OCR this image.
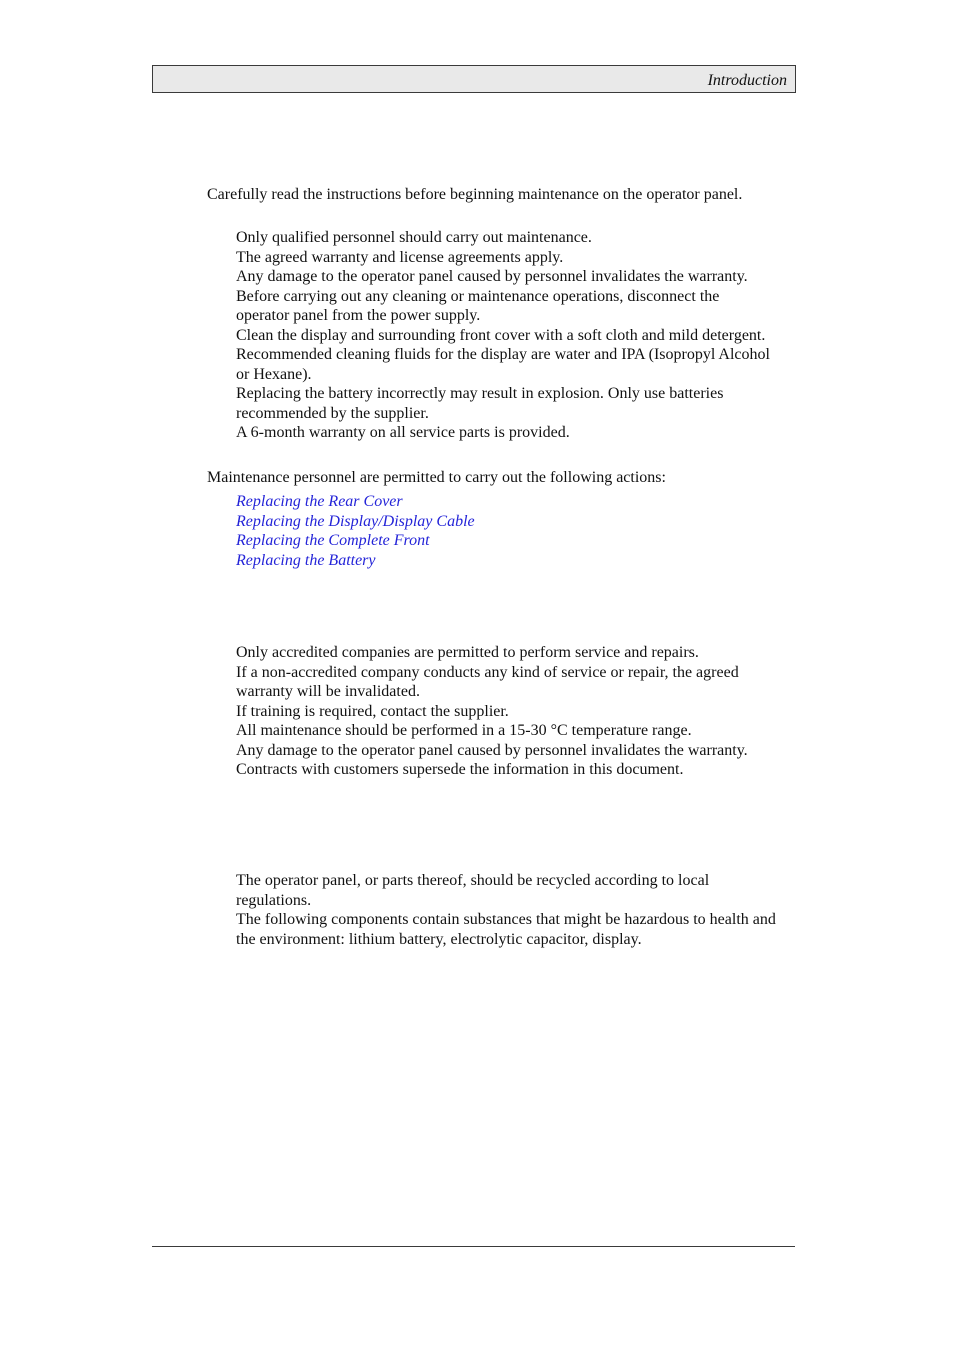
Introduction

Carefully read the instructions before beginning maintenance on the operator panel.

Only qualified personnel should carry out maintenance.
The agreed warranty and license agreements apply.
Any damage to the operator panel caused by personnel invalidates the warranty.
Before carrying out any cleaning or maintenance operations, disconnect the operator panel from the power supply.
Clean the display and surrounding front cover with a soft cloth and mild detergent. Recommended cleaning fluids for the display are water and IPA (Isopropyl Alcohol or Hexane).
Replacing the battery incorrectly may result in explosion. Only use batteries recommended by the supplier.
A 6-month warranty on all service parts is provided.

Maintenance personnel are permitted to carry out the following actions:

Replacing the Rear Cover
Replacing the Display/Display Cable
Replacing the Complete Front
Replacing the Battery
Only accredited companies are permitted to perform service and repairs.
If a non-accredited company conducts any kind of service or repair, the agreed warranty will be invalidated.
If training is required, contact the supplier.
All maintenance should be performed in a 15-30 °C temperature range.
Any damage to the operator panel caused by personnel invalidates the warranty.
Contracts with customers supersede the information in this document.
The operator panel, or parts thereof, should be recycled according to local regulations.
The following components contain substances that might be hazardous to health and the environment: lithium battery, electrolytic capacitor, display.
